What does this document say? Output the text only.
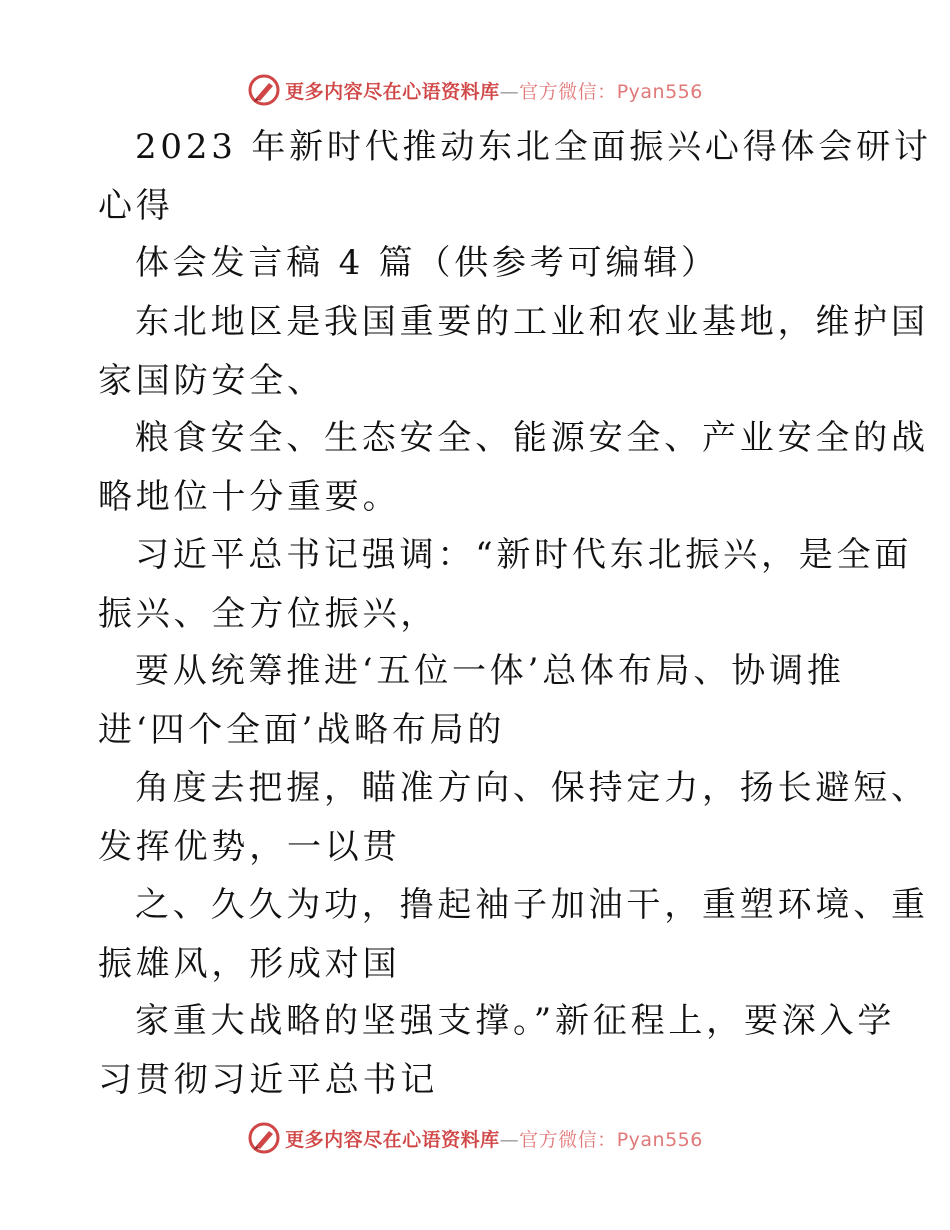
更多内容尽在心语资料库—官方微信：Pyan556
2023 年新时代推动东北全面振兴心得体会研讨
心得
体会发言稿 4 篇（供参考可编辑）
东北地区是我国重要的工业和农业基地，维护国
家国防安全、
粮食安全、生态安全、能源安全、产业安全的战
略地位十分重要。
习近平总书记强调：“新时代东北振兴，是全面
振兴、全方位振兴，
要从统筹推进‘五位一体’总体布局、协调推
进‘四个全面’战略布局的
角度去把握，瞄准方向、保持定力，扬长避短、
发挥优势，一以贯
之、久久为功，撸起袖子加油干，重塑环境、重
振雄风，形成对国
家重大战略的坚强支撑。”新征程上，要深入学
习贯彻习近平总书记
更多内容尽在心语资料库—官方微信：Pyan556
